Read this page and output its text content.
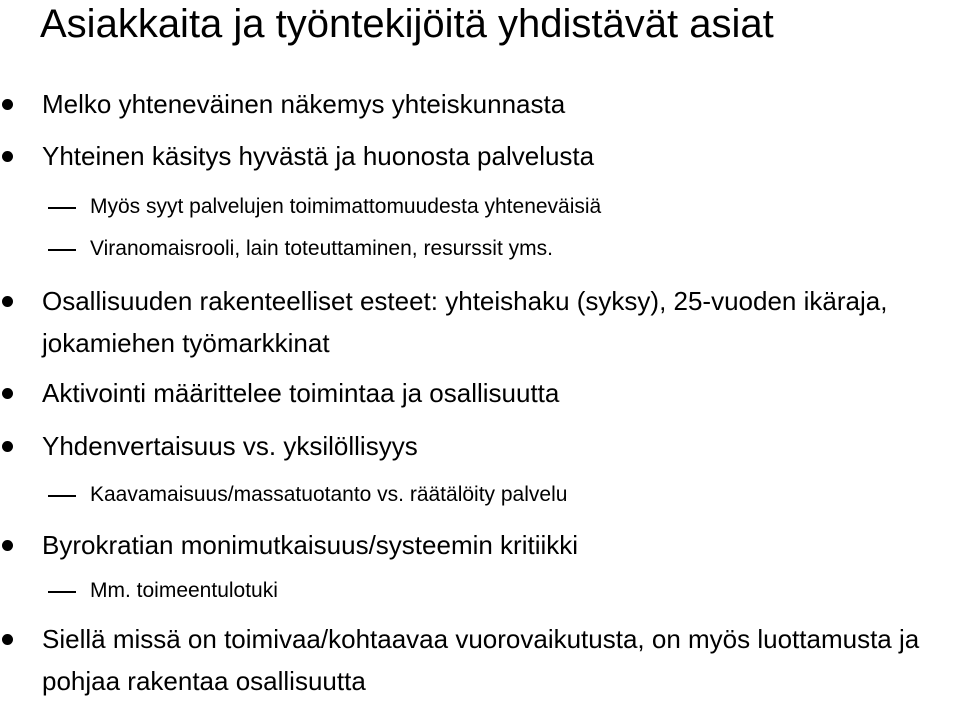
Asiakkaita ja työntekijöitä yhdistävät asiat
Melko yhteneväinen näkemys yhteiskunnasta
Yhteinen käsitys hyvästä ja huonosta palvelusta
Myös syyt palvelujen toimimattomuudesta yhteneväisiä
Viranomaisrooli, lain toteuttaminen, resurssit yms.
Osallisuuden rakenteelliset esteet: yhteishaku (syksy), 25-vuoden ikäraja, jokamiehen työmarkkinat
Aktivointi määrittelee toimintaa ja osallisuutta
Yhdenvertaisuus vs. yksilöllisyys
Kaavamaisuus/massatuotanto vs. räätälöity palvelu
Byrokratian monimutkaisuus/systeemin kritiikki
Mm. toimeentulotuki
Siellä missä on toimivaa/kohtaavaa vuorovaikutusta, on myös luottamusta ja pohjaa rakentaa osallisuutta
